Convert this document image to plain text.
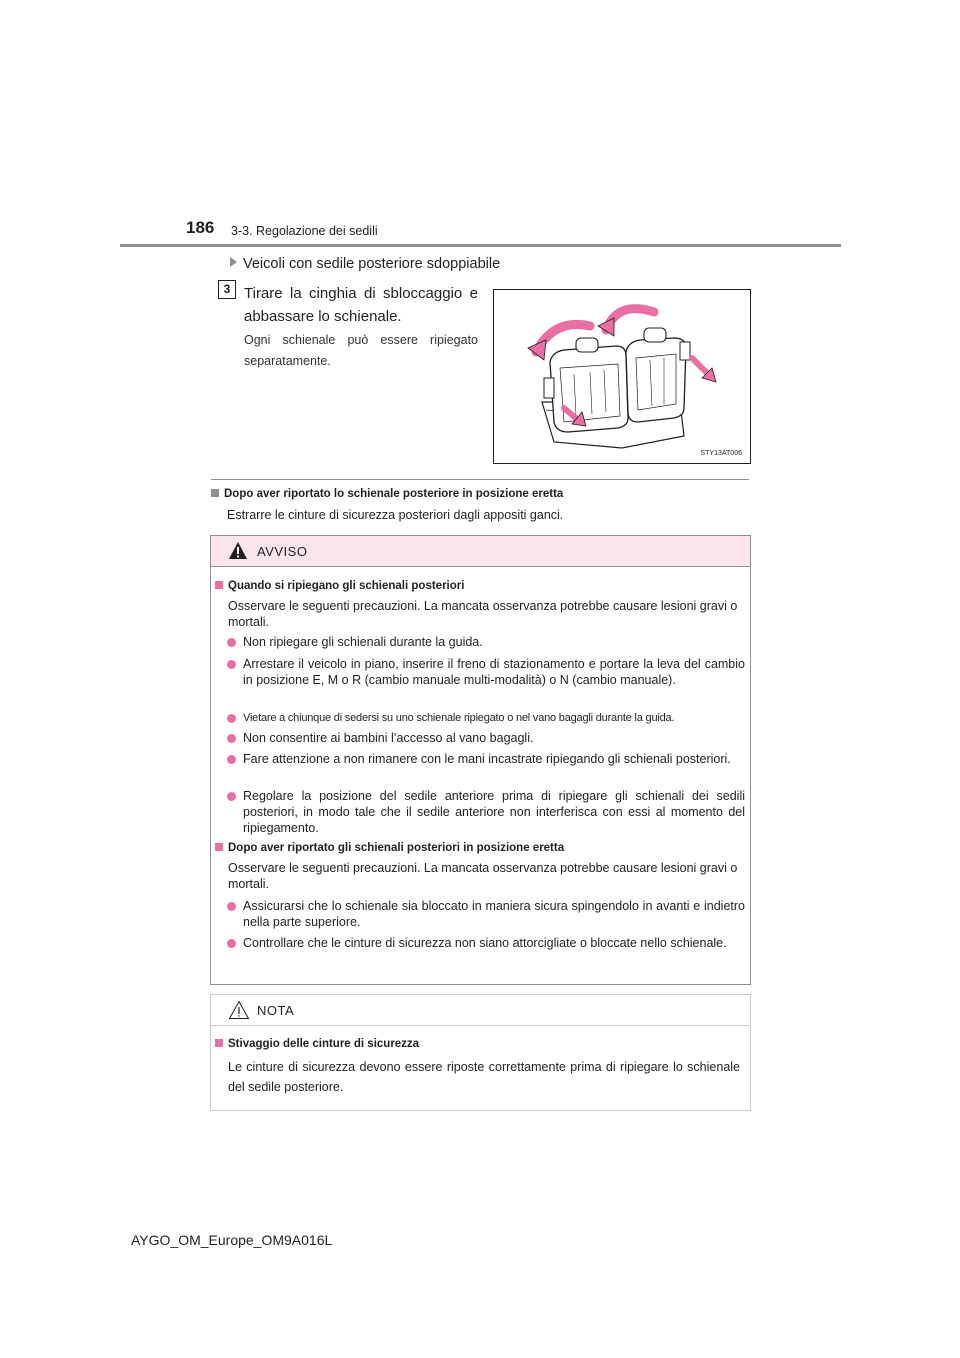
186 3-3. Regolazione dei sedili
Veicoli con sedile posteriore sdoppiabile
3 Tirare la cinghia di sbloccaggio e abbassare lo schienale.
Ogni schienale può essere ripiegato separatamente.
STY13AT006
Dopo aver riportato lo schienale posteriore in posizione eretta
Estrarre le cinture di sicurezza posteriori dagli appositi ganci.
AVVISO
Quando si ripiegano gli schienali posteriori
Osservare le seguenti precauzioni. La mancata osservanza potrebbe causare lesioni gravi o mortali.
Non ripiegare gli schienali durante la guida.
Arrestare il veicolo in piano, inserire il freno di stazionamento e portare la leva del cambio in posizione E, M o R (cambio manuale multi-modalità) o N (cambio manuale).
Vietare a chiunque di sedersi su uno schienale ripiegato o nel vano bagagli durante la guida.
Non consentire ai bambini l’accesso al vano bagagli.
Fare attenzione a non rimanere con le mani incastrate ripiegando gli schienali posteriori.
Regolare la posizione del sedile anteriore prima di ripiegare gli schienali dei sedili posteriori, in modo tale che il sedile anteriore non interferisca con essi al momento del ripiegamento.
Dopo aver riportato gli schienali posteriori in posizione eretta
Osservare le seguenti precauzioni. La mancata osservanza potrebbe causare lesioni gravi o mortali.
Assicurarsi che lo schienale sia bloccato in maniera sicura spingendolo in avanti e indietro nella parte superiore.
Controllare che le cinture di sicurezza non siano attorcigliate o bloccate nello schienale.
NOTA
Stivaggio delle cinture di sicurezza
Le cinture di sicurezza devono essere riposte correttamente prima di ripiegare lo schienale del sedile posteriore.
AYGO_OM_Europe_OM9A016L
